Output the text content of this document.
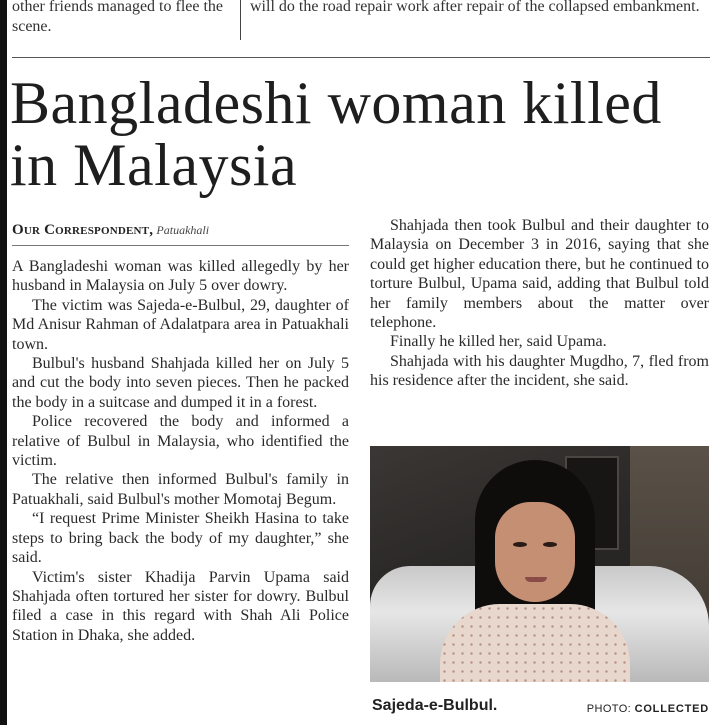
other friends managed to flee the scene.
will do the road repair work after repair of the collapsed embankment.
Bangladeshi woman killed in Malaysia
Our Correspondent, Patuakhali

A Bangladeshi woman was killed allegedly by her husband in Malaysia on July 5 over dowry.

The victim was Sajeda-e-Bulbul, 29, daughter of Md Anisur Rahman of Adalatpara area in Patuakhali town.

Bulbul's husband Shahjada killed her on July 5 and cut the body into seven pieces. Then he packed the body in a suitcase and dumped it in a forest.

Police recovered the body and informed a relative of Bulbul in Malaysia, who identified the victim.

The relative then informed Bulbul's family in Patuakhali, said Bulbul's mother Momotaj Begum.

“I request Prime Minister Sheikh Hasina to take steps to bring back the body of my daughter,” she said.

Victim's sister Khadija Parvin Upama said Shahjada often tortured her sister for dowry. Bulbul filed a case in this regard with Shah Ali Police Station in Dhaka, she added.

Shahjada then took Bulbul and their daughter to Malaysia on December 3 in 2016, saying that she could get higher education there, but he continued to torture Bulbul, Upama said, adding that Bulbul told her family members about the matter over telephone.

Finally he killed her, said Upama.

Shahjada with his daughter Mugdho, 7, fled from his residence after the incident, she said.

Sajeda-e-Bulbul.	PHOTO: COLLECTED
